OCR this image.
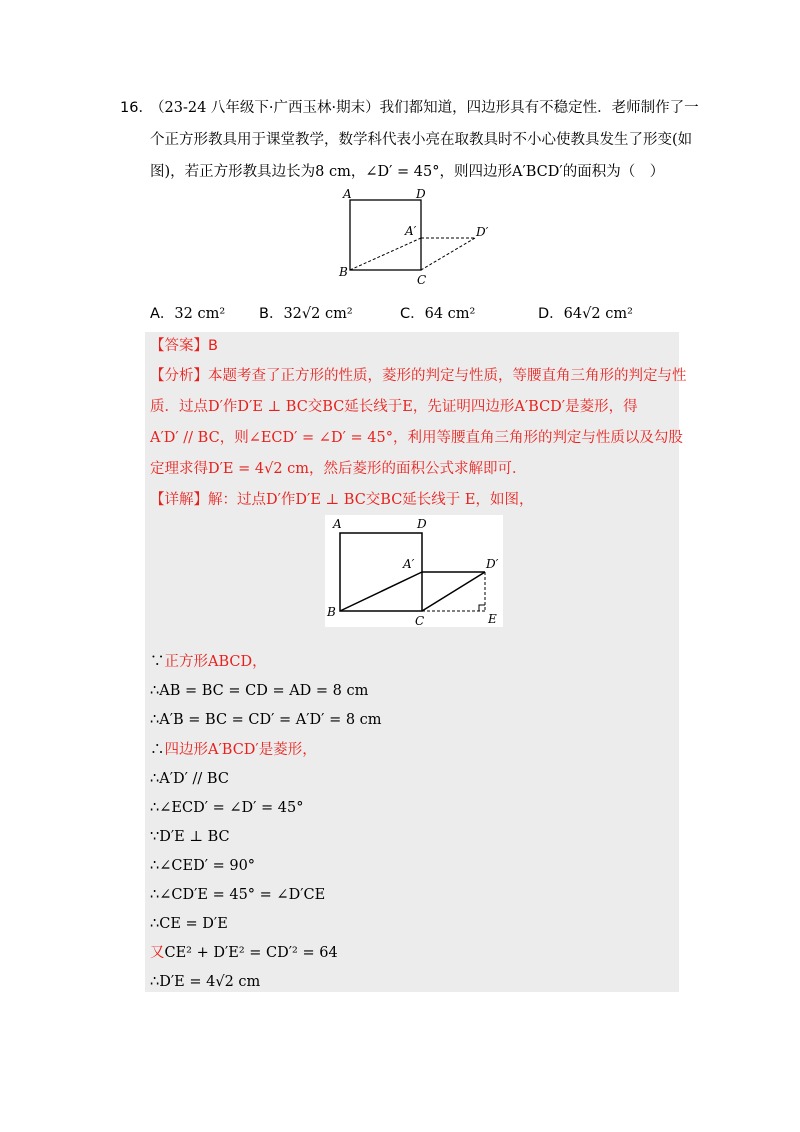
16．
（23-24 八年级下·广西玉林·期末）我们都知道，四边形具有不稳定性．老师制作了一
个正方形教具用于课堂教学，数学科代表小亮在取教具时不小心使教具发生了形变(如
图)，若正方形教具边长为8 cm，∠D′ = 45°，则四边形A′BCD′的面积为（　）
A	D
A′	D′
B
C
A．32 cm² B．32√2 cm²	C．64 cm²	D．64√2 cm²
【答案】B
【分析】本题考查了正方形的性质，菱形的判定与性质，等腰直角三角形的判定与性
质．过点D′作D′E ⊥ BC交BC延长线于E，先证明四边形A′BCD′是菱形，得
A′D′ // BC，则∠ECD′ = ∠D′ = 45°，利用等腰直角三角形的判定与性质以及勾股
定理求得D′E = 4√2 cm，然后菱形的面积公式求解即可．
【详解】解：过点D′作D′E ⊥ BC交BC延长线于 E，如图，
A	D
A′	D′
B
C	E
∵正方形ABCD，
∴AB = BC = CD = AD = 8 cm
∴A′B = BC = CD′ = A′D′ = 8 cm
∴四边形A′BCD′是菱形，
∴A′D′ // BC
∴∠ECD′ = ∠D′ = 45°
∵D′E ⊥ BC
∴∠CED′ = 90°
∴∠CD′E = 45° = ∠D′CE
∴CE = D′E
又CE² + D′E² = CD′² = 64
∴D′E = 4√2 cm
